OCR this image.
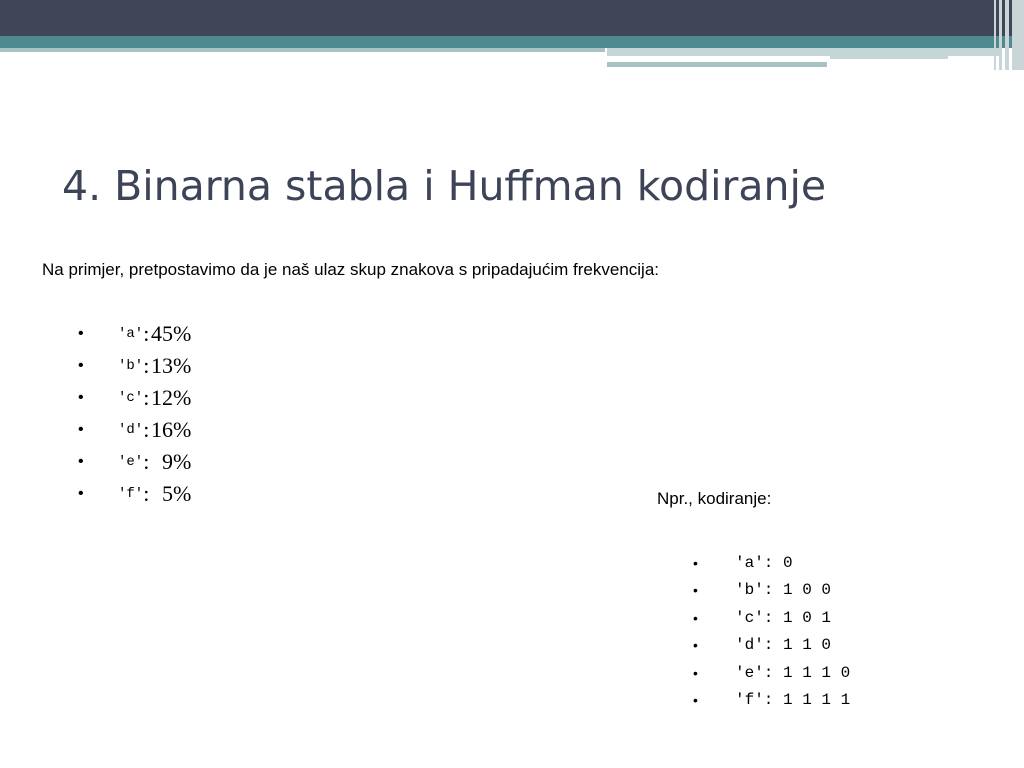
4. Binarna stabla i Huffman kodiranje

Na primjer, pretpostavimo da je naš ulaz skup znakova s pripadajućim frekvencija:

•	'a' : 45%
•	'b' : 13%
•	'c' : 12%
•	'd' : 16%
•	'e' : 9%
•	'f' : 5%	Npr., kodiranje:

•	'a': 0
•	'b': 1 0 0
•	'c': 1 0 1
•	'd': 1 1 0
•	'e': 1 1 1 0
•	'f': 1 1 1 1
